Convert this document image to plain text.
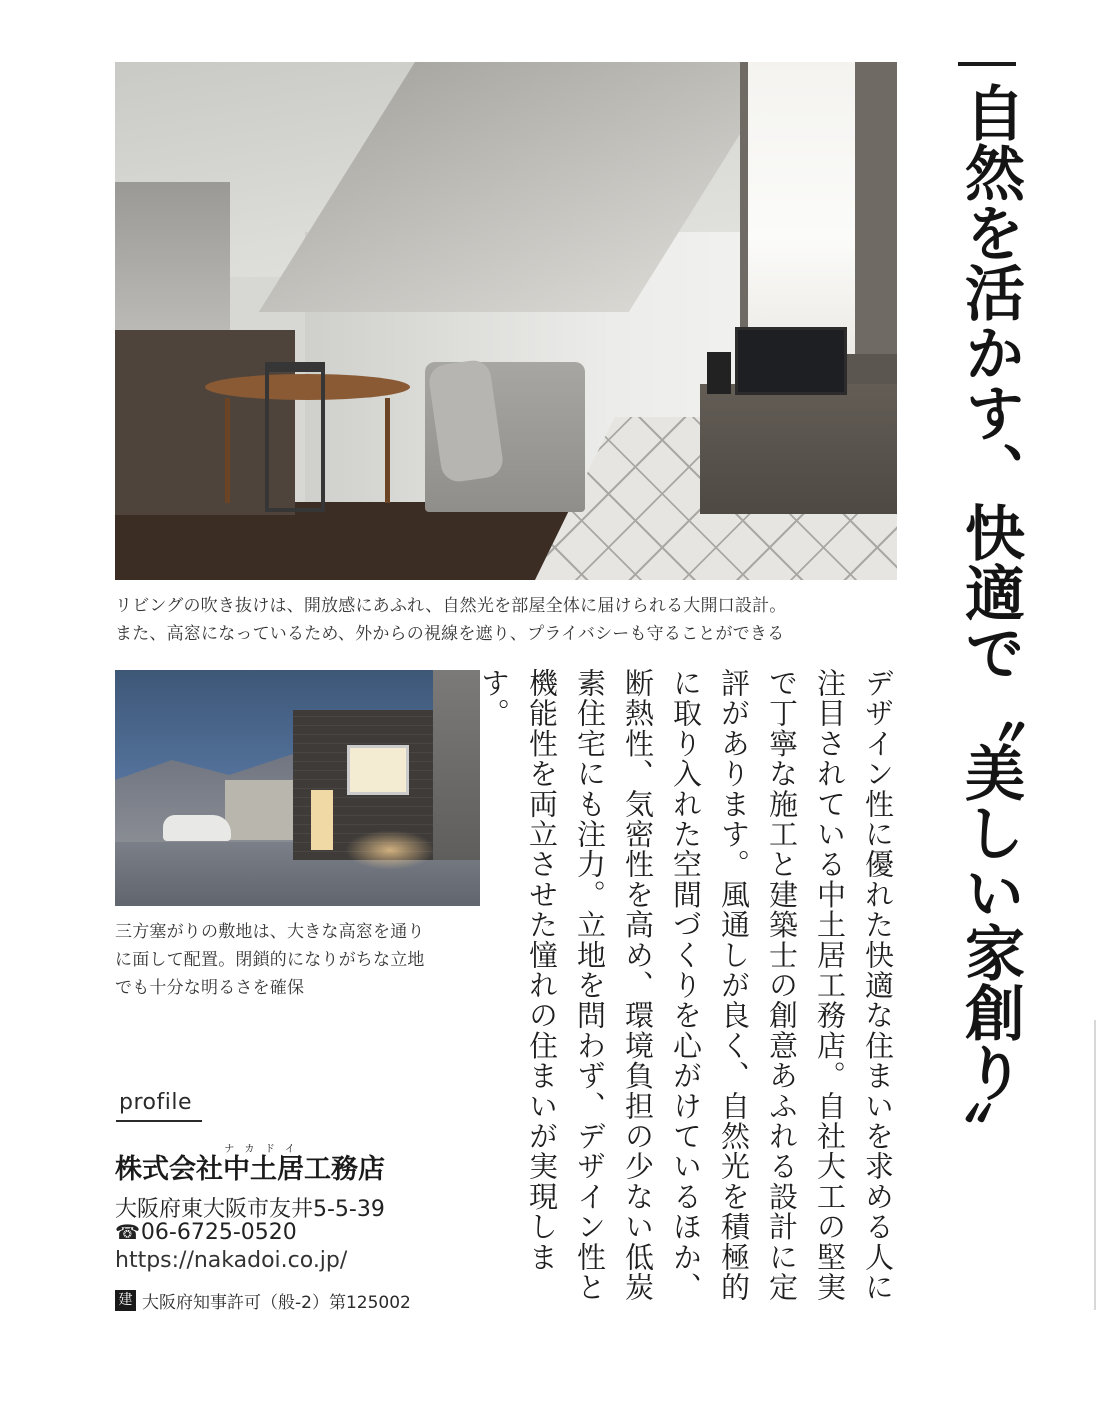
自然を活かす、快適で〝美しい家創り〟
リビングの吹き抜けは、開放感にあふれ、自然光を部屋全体に届けられる大開口設計。
また、高窓になっているため、外からの視線を遮り、プライバシーも守ることができる
三方塞がりの敷地は、大きな高窓を通り
に面して配置。閉鎖的になりがちな立地
でも十分な明るさを確保	デザイン性に優れた快適な住まいを求める人に注目されている中土居工務店。自社大工の堅実で丁寧な施工と建築士の創意あふれる設計に定評があります。風通しが良く、自然光を積極的に取り入れた空間づくりを心がけているほか、断熱性、気密性を高め、環境負担の少ない低炭素住宅にも注力。立地を問わず、デザイン性と機能性を両立させた憧れの住まいが実現します。

profile
株式会社中土居ナカドイ工務店
大阪府東大阪市友井5-5-39
☎06-6725-0520
https://nakadoi.co.jp/
建 大阪府知事許可（般-2）第125002
